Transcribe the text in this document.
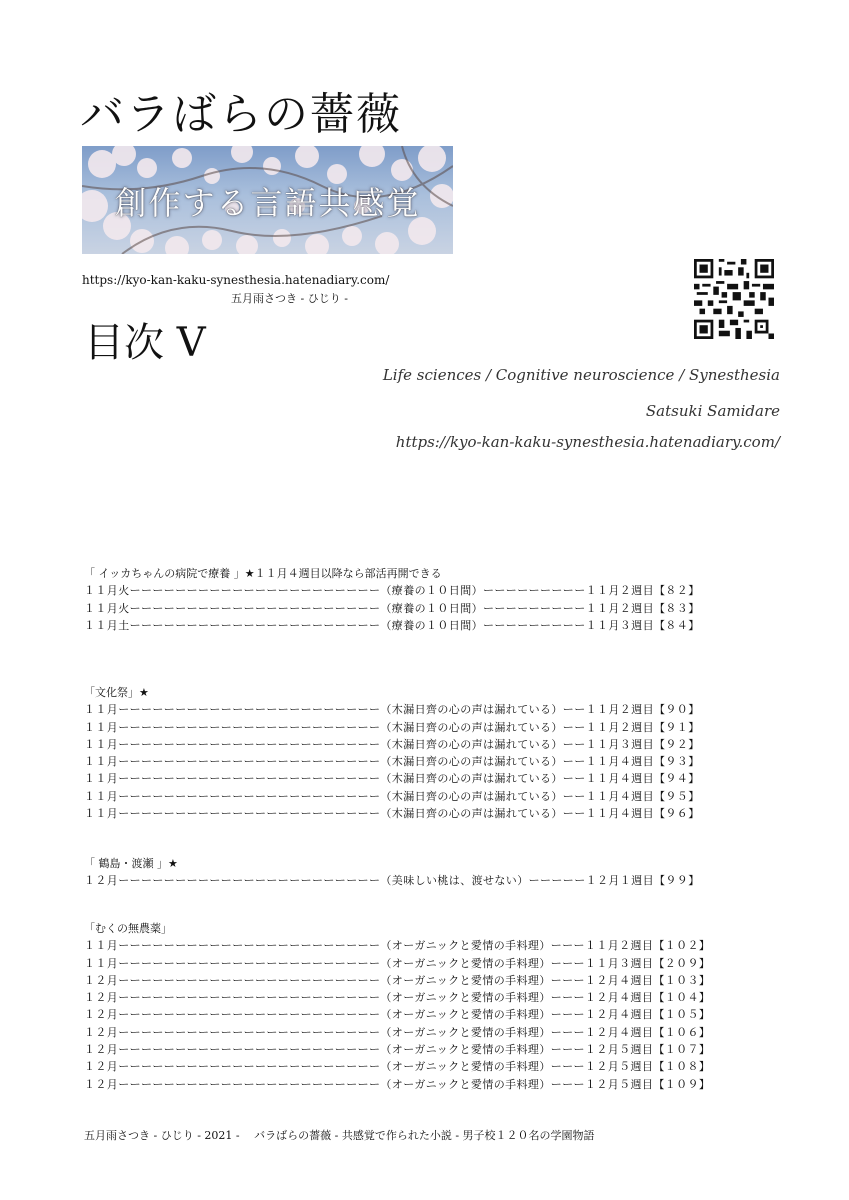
バラばらの薔薇
創作する言語共感覚
https://kyo-kan-kaku-synesthesia.hatenadiary.com/
五月雨さつき - ひじり -
目次 V
Life sciences / Cognitive neuroscience / Synesthesia
Satsuki Samidare
https://kyo-kan-kaku-synesthesia.hatenadiary.com/
「 イッカちゃんの病院で療養 」★１１月４週目以降なら部活再開できる
１１月火ーーーーーーーーーーーーーーーーーーーーーー（療養の１０日間）ーーーーーーーーー１１月２週目【８２】
１１月火ーーーーーーーーーーーーーーーーーーーーーー（療養の１０日間）ーーーーーーーーー１１月２週目【８３】
１１月土ーーーーーーーーーーーーーーーーーーーーーー（療養の１０日間）ーーーーーーーーー１１月３週目【８４】
「文化祭」★
１１月ーーーーーーーーーーーーーーーーーーーーーーー（木漏日齊の心の声は漏れている）ーー１１月２週目【９０】
１１月ーーーーーーーーーーーーーーーーーーーーーーー（木漏日齊の心の声は漏れている）ーー１１月２週目【９１】
１１月ーーーーーーーーーーーーーーーーーーーーーーー（木漏日齊の心の声は漏れている）ーー１１月３週目【９２】
１１月ーーーーーーーーーーーーーーーーーーーーーーー（木漏日齊の心の声は漏れている）ーー１１月４週目【９３】
１１月ーーーーーーーーーーーーーーーーーーーーーーー（木漏日齊の心の声は漏れている）ーー１１月４週目【９４】
１１月ーーーーーーーーーーーーーーーーーーーーーーー（木漏日齊の心の声は漏れている）ーー１１月４週目【９５】
１１月ーーーーーーーーーーーーーーーーーーーーーーー（木漏日齊の心の声は漏れている）ーー１１月４週目【９６】
「 鶴島・渡瀬 」★
１２月ーーーーーーーーーーーーーーーーーーーーーーー（美味しい桃は、渡せない）ーーーーー１２月１週目【９９】
「むくの無農薬」
１１月ーーーーーーーーーーーーーーーーーーーーーーー（オーガニックと愛情の手料理）ーーー１１月２週目【１０２】
１１月ーーーーーーーーーーーーーーーーーーーーーーー（オーガニックと愛情の手料理）ーーー１１月３週目【２０９】
１２月ーーーーーーーーーーーーーーーーーーーーーーー（オーガニックと愛情の手料理）ーーー１２月４週目【１０３】
１２月ーーーーーーーーーーーーーーーーーーーーーーー（オーガニックと愛情の手料理）ーーー１２月４週目【１０４】
１２月ーーーーーーーーーーーーーーーーーーーーーーー（オーガニックと愛情の手料理）ーーー１２月４週目【１０５】
１２月ーーーーーーーーーーーーーーーーーーーーーーー（オーガニックと愛情の手料理）ーーー１２月４週目【１０６】
１２月ーーーーーーーーーーーーーーーーーーーーーーー（オーガニックと愛情の手料理）ーーー１２月５週目【１０７】
１２月ーーーーーーーーーーーーーーーーーーーーーーー（オーガニックと愛情の手料理）ーーー１２月５週目【１０８】
１２月ーーーーーーーーーーーーーーーーーーーーーーー（オーガニックと愛情の手料理）ーーー１２月５週目【１０９】
五月雨さつき - ひじり - 2021 - 　バラばらの薔薇 - 共感覚で作られた小説 - 男子校１２０名の学園物語
